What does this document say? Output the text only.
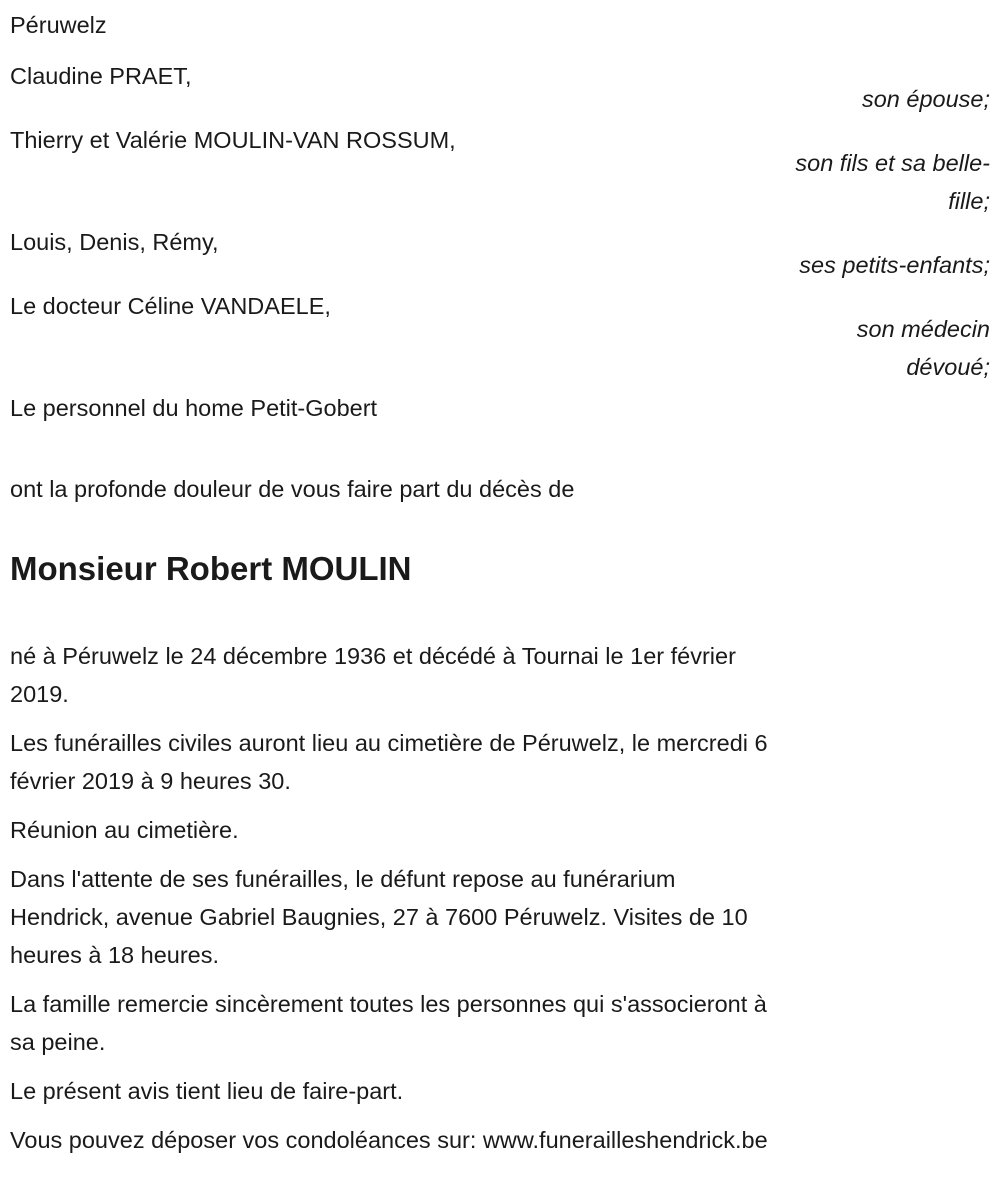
Péruwelz
Claudine PRAET,
son épouse;
Thierry et Valérie MOULIN-VAN ROSSUM,
son fils et sa belle-
fille;
Louis, Denis, Rémy,
ses petits-enfants;
Le docteur Céline VANDAELE,
son médecin
dévoué;
Le personnel du home Petit-Gobert
ont la profonde douleur de vous faire part du décès de
Monsieur Robert MOULIN
né à Péruwelz le 24 décembre 1936 et décédé à Tournai le 1er février
2019.
Les funérailles civiles auront lieu au cimetière de Péruwelz, le mercredi 6
février 2019 à 9 heures 30.
Réunion au cimetière.
Dans l'attente de ses funérailles, le défunt repose au funérarium
Hendrick, avenue Gabriel Baugnies, 27 à 7600 Péruwelz. Visites de 10
heures à 18 heures.
La famille remercie sincèrement toutes les personnes qui s'associeront à
sa peine.
Le présent avis tient lieu de faire-part.
Vous pouvez déposer vos condoléances sur: www.funerailleshendrick.be
